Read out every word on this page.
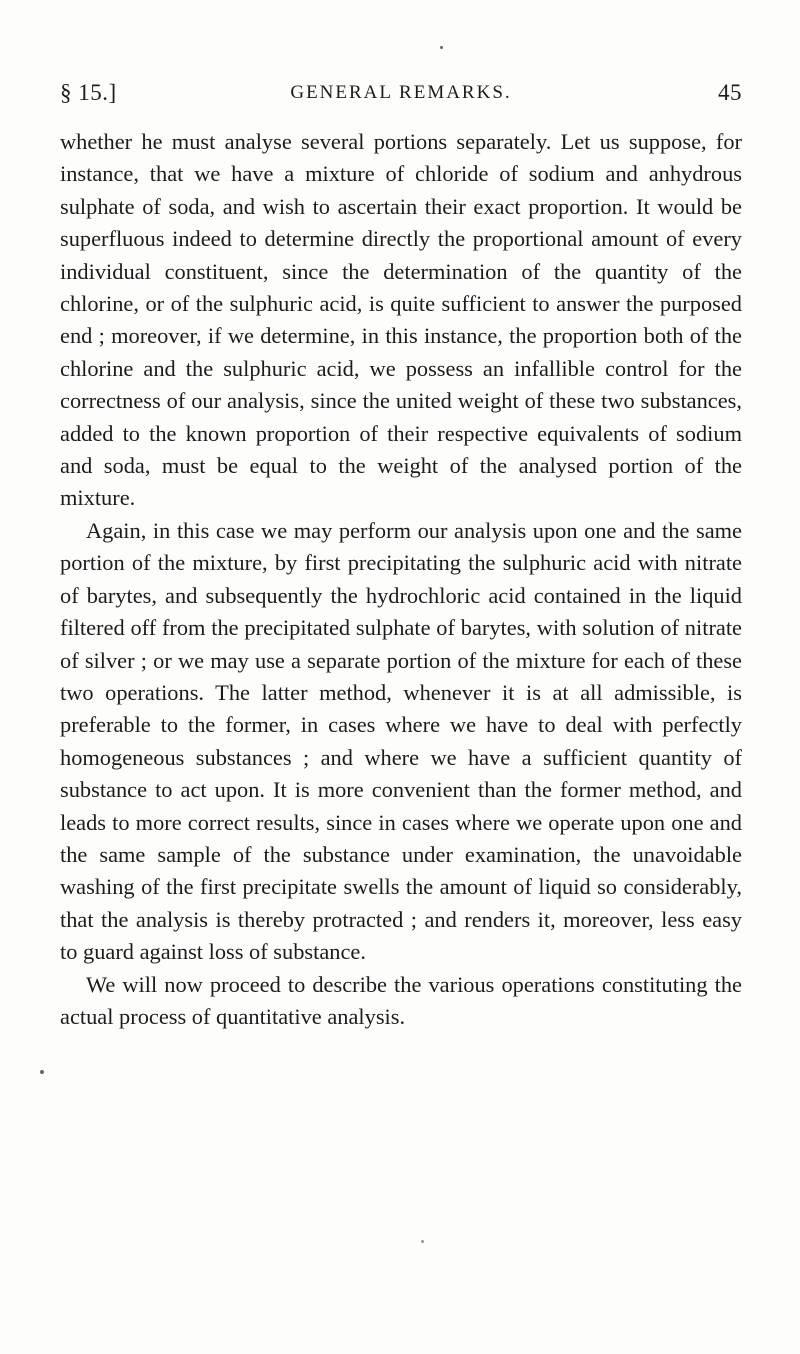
§ 15.]	GENERAL REMARKS.	45

whether he must analyse several portions separately. Let us suppose, for instance, that we have a mixture of chloride of sodium and anhydrous sulphate of soda, and wish to ascertain their exact proportion. It would be superfluous indeed to determine directly the proportional amount of every individual constituent, since the determination of the quantity of the chlorine, or of the sulphuric acid, is quite sufficient to answer the purposed end ; moreover, if we determine, in this instance, the proportion both of the chlorine and the sulphuric acid, we possess an infallible control for the correctness of our analysis, since the united weight of these two substances, added to the known proportion of their respective equivalents of sodium and soda, must be equal to the weight of the analysed portion of the mixture.

Again, in this case we may perform our analysis upon one and the same portion of the mixture, by first precipitating the sulphuric acid with nitrate of barytes, and subsequently the hydrochloric acid contained in the liquid filtered off from the precipitated sulphate of barytes, with solution of nitrate of silver ; or we may use a separate portion of the mixture for each of these two operations. The latter method, whenever it is at all admissible, is preferable to the former, in cases where we have to deal with perfectly homogeneous substances ; and where we have a sufficient quantity of substance to act upon. It is more convenient than the former method, and leads to more correct results, since in cases where we operate upon one and the same sample of the substance under examination, the unavoidable washing of the first precipitate swells the amount of liquid so considerably, that the analysis is thereby protracted ; and renders it, moreover, less easy to guard against loss of substance.

We will now proceed to describe the various operations constituting the actual process of quantitative analysis.
